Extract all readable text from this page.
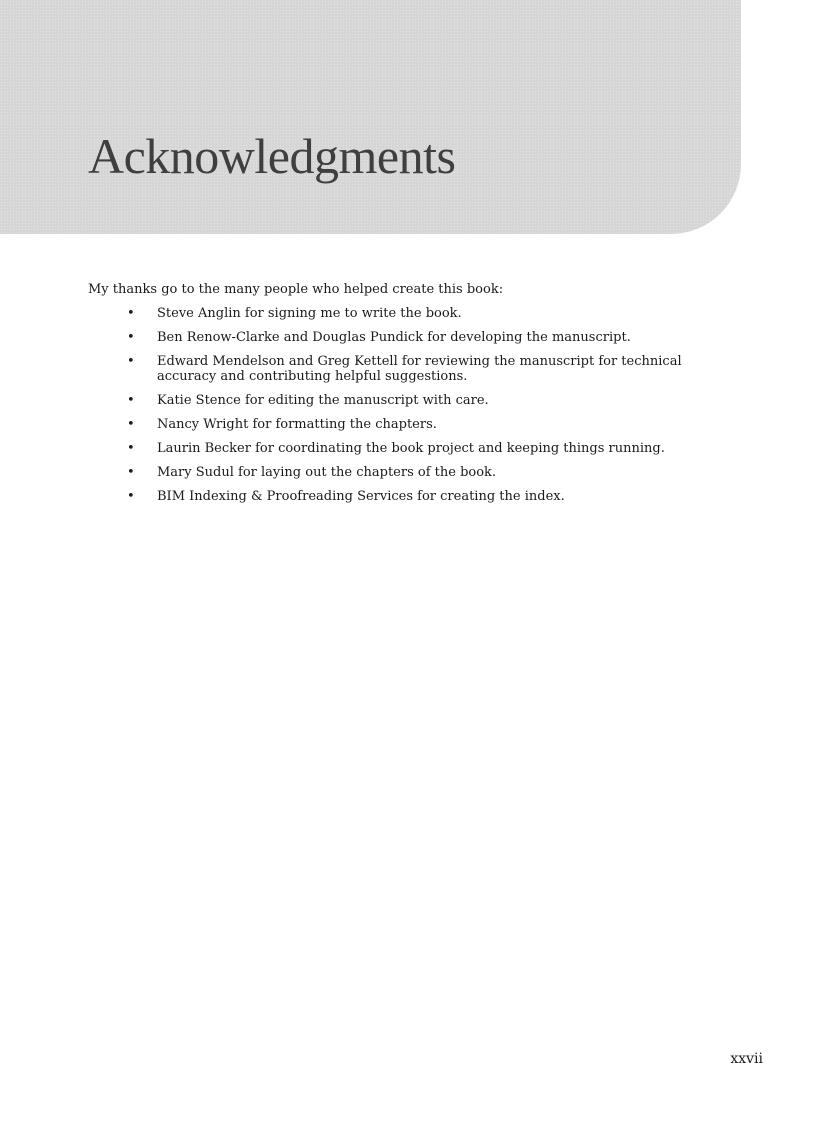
Acknowledgments

My thanks go to the many people who helped create this book:

• Steve Anglin for signing me to write the book.
• Ben Renow-Clarke and Douglas Pundick for developing the manuscript.
• Edward Mendelson and Greg Kettell for reviewing the manuscript for technical accuracy and contributing helpful suggestions.
• Katie Stence for editing the manuscript with care.
• Nancy Wright for formatting the chapters.
• Laurin Becker for coordinating the book project and keeping things running.
• Mary Sudul for laying out the chapters of the book.
• BIM Indexing & Proofreading Services for creating the index.

xxvii
